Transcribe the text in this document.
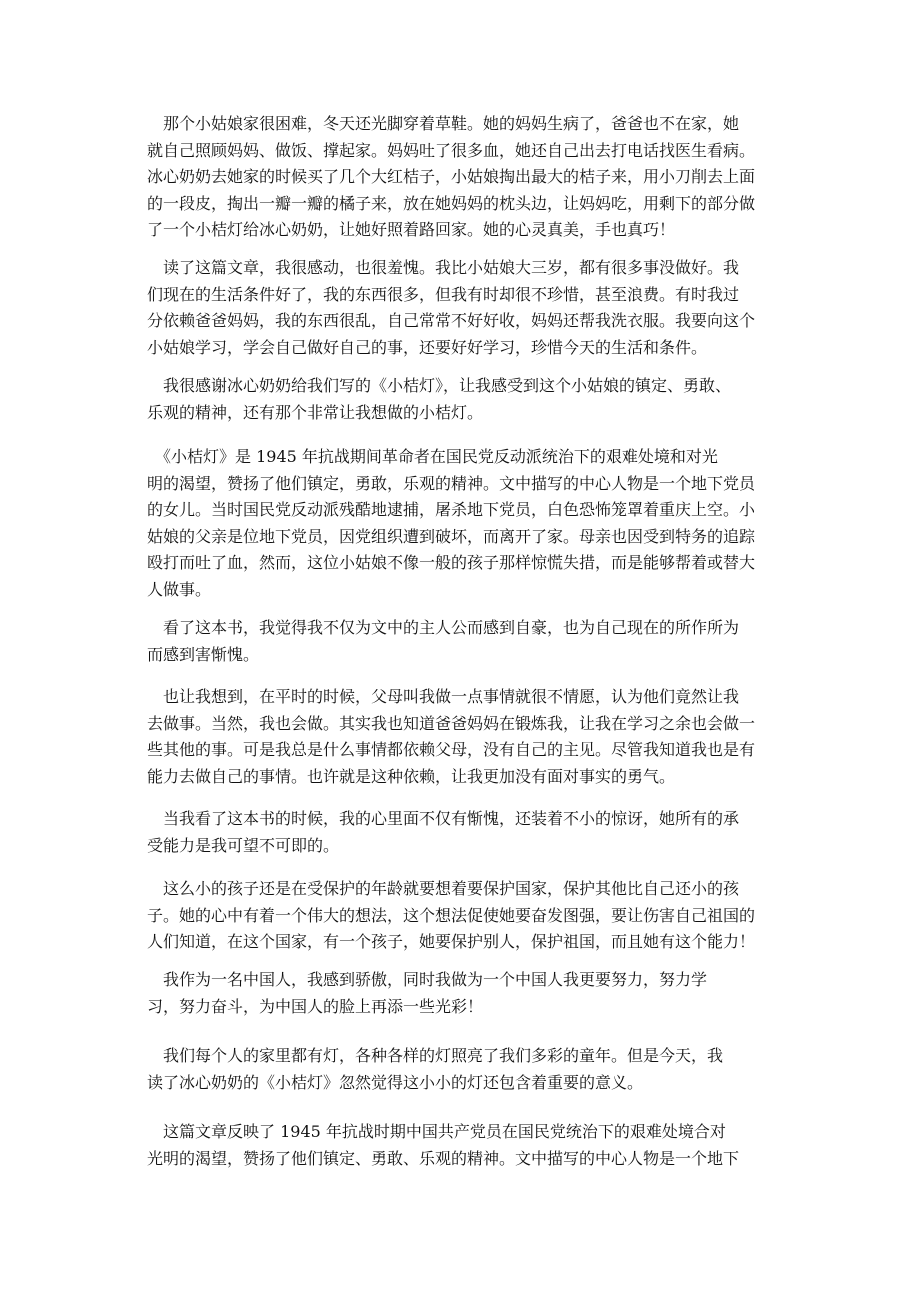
　那个小姑娘家很困难，冬天还光脚穿着草鞋。她的妈妈生病了，爸爸也不在家，她
就自己照顾妈妈、做饭、撑起家。妈妈吐了很多血，她还自己出去打电话找医生看病。
冰心奶奶去她家的时候买了几个大红桔子，小姑娘掏出最大的桔子来，用小刀削去上面
的一段皮，掏出一瓣一瓣的橘子来，放在她妈妈的枕头边，让妈妈吃，用剩下的部分做
了一个小桔灯给冰心奶奶，让她好照着路回家。她的心灵真美，手也真巧！
　读了这篇文章，我很感动，也很羞愧。我比小姑娘大三岁，都有很多事没做好。我
们现在的生活条件好了，我的东西很多，但我有时却很不珍惜，甚至浪费。有时我过
分依赖爸爸妈妈，我的东西很乱，自己常常不好好收，妈妈还帮我洗衣服。我要向这个
小姑娘学习，学会自己做好自己的事，还要好好学习，珍惜今天的生活和条件。
　我很感谢冰心奶奶给我们写的《小桔灯》，让我感受到这个小姑娘的镇定、勇敢、
乐观的精神，还有那个非常让我想做的小桔灯。
　《小桔灯》是 1945 年抗战期间革命者在国民党反动派统治下的艰难处境和对光
明的渴望，赞扬了他们镇定，勇敢，乐观的精神。文中描写的中心人物是一个地下党员
的女儿。当时国民党反动派残酷地逮捕，屠杀地下党员，白色恐怖笼罩着重庆上空。小
姑娘的父亲是位地下党员，因党组织遭到破坏，而离开了家。母亲也因受到特务的追踪
殴打而吐了血，然而，这位小姑娘不像一般的孩子那样惊慌失措，而是能够帮着或替大
人做事。
　看了这本书，我觉得我不仅为文中的主人公而感到自豪，也为自己现在的所作所为
而感到害惭愧。
　也让我想到，在平时的时候，父母叫我做一点事情就很不情愿，认为他们竟然让我
去做事。当然，我也会做。其实我也知道爸爸妈妈在锻炼我，让我在学习之余也会做一
些其他的事。可是我总是什么事情都依赖父母，没有自己的主见。尽管我知道我也是有
能力去做自己的事情。也许就是这种依赖，让我更加没有面对事实的勇气。
　当我看了这本书的时候，我的心里面不仅有惭愧，还装着不小的惊讶，她所有的承
受能力是我可望不可即的。
　这么小的孩子还是在受保护的年龄就要想着要保护国家，保护其他比自己还小的孩
子。她的心中有着一个伟大的想法，这个想法促使她要奋发图强，要让伤害自己祖国的
人们知道，在这个国家，有一个孩子，她要保护别人，保护祖国，而且她有这个能力！
　我作为一名中国人，我感到骄傲，同时我做为一个中国人我更要努力，努力学
习，努力奋斗，为中国人的脸上再添一些光彩！
　我们每个人的家里都有灯，各种各样的灯照亮了我们多彩的童年。但是今天，我
读了冰心奶奶的《小桔灯》忽然觉得这小小的灯还包含着重要的意义。
　这篇文章反映了 1945 年抗战时期中国共产党员在国民党统治下的艰难处境合对
光明的渴望，赞扬了他们镇定、勇敢、乐观的精神。文中描写的中心人物是一个地下
